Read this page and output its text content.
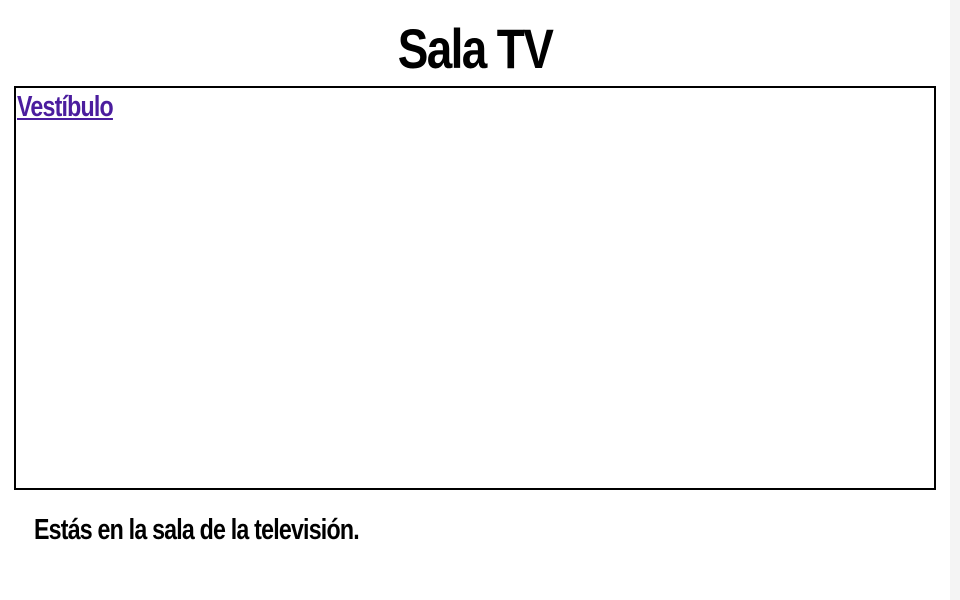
Sala TV
Vestíbulo

Estás en la sala de la televisión.
